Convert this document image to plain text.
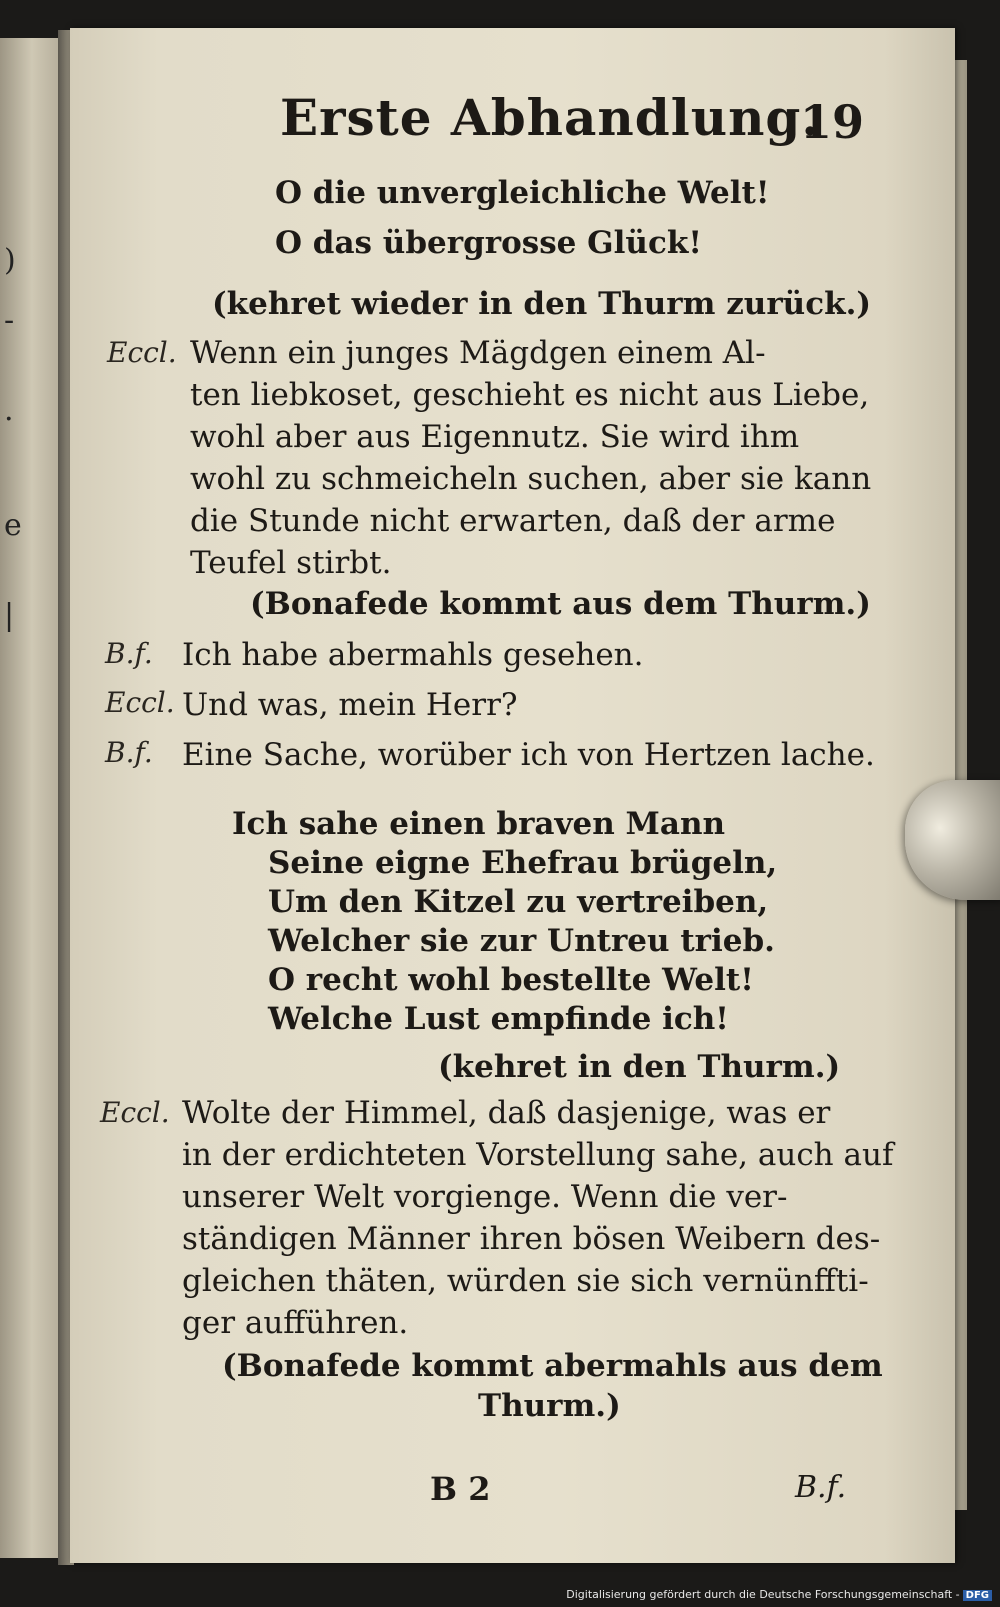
)
-
.
e
|
Erste Abhandlung.
19
O die unvergleichliche Welt!
O das übergrosse Glück!
(kehret wieder in den Thurm zurück.)
Eccl. Wenn ein junges Mägdgen einem Al-
ten liebkoset, geschieht es nicht aus Liebe,
wohl aber aus Eigennutz. Sie wird ihm
wohl zu schmeicheln suchen, aber sie kann
die Stunde nicht erwarten, daß der arme
Teufel stirbt.
(Bonafede kommt aus dem Thurm.)
B.f. Ich habe abermahls gesehen.
Eccl. Und was, mein Herr?
B.f. Eine Sache, worüber ich von Hertzen lache.
Ich sahe einen braven Mann
Seine eigne Ehefrau brügeln,
Um den Kitzel zu vertreiben,
Welcher sie zur Untreu trieb.
O recht wohl bestellte Welt!
Welche Lust empfinde ich!
(kehret in den Thurm.)
Eccl. Wolte der Himmel, daß dasjenige, was er
in der erdichteten Vorstellung sahe, auch auf
unserer Welt vorgienge. Wenn die ver-
ständigen Männer ihren bösen Weibern des-
gleichen thäten, würden sie sich vernünffti-
ger aufführen.
(Bonafede kommt abermahls aus dem
Thurm.)
B 2	B.f.
Digitalisierung gefördert durch die Deutsche Forschungsgemeinschaft - DFG
